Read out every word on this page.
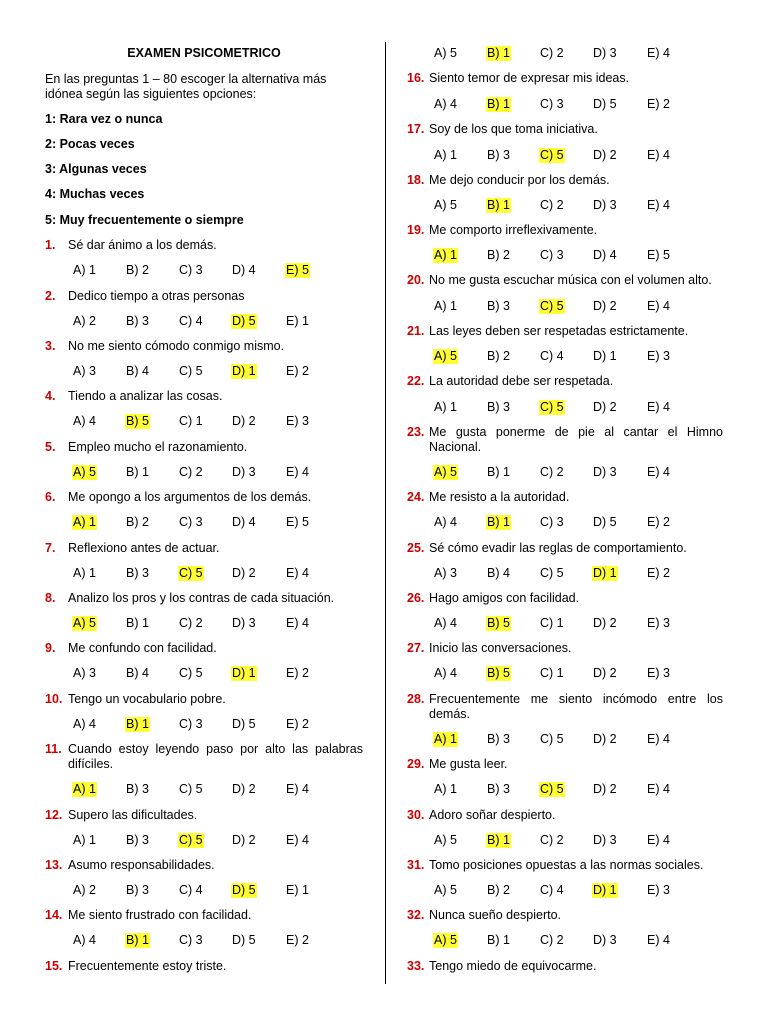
EXAMEN PSICOMETRICO
En las preguntas 1 – 80 escoger la alternativa más idónea según las siguientes opciones:
1: Rara vez o nunca
2: Pocas veces
3: Algunas veces
4: Muchas veces
5: Muy frecuentemente o siempre
1. Sé dar ánimo a los demás.
A) 1 B) 2 C) 3 D) 4 E) 5
2. Dedico tiempo a otras personas
A) 2 B) 3 C) 4 D) 5 E) 1
3. No me siento cómodo conmigo mismo.
A) 3 B) 4 C) 5 D) 1 E) 2
4. Tiendo a analizar las cosas.
A) 4 B) 5 C) 1 D) 2 E) 3
5. Empleo mucho el razonamiento.
A) 5 B) 1 C) 2 D) 3 E) 4
6. Me opongo a los argumentos de los demás.
A) 1 B) 2 C) 3 D) 4 E) 5
7. Reflexiono antes de actuar.
A) 1 B) 3 C) 5 D) 2 E) 4
8. Analizo los pros y los contras de cada situación.
A) 5 B) 1 C) 2 D) 3 E) 4
9. Me confundo con facilidad.
A) 3 B) 4 C) 5 D) 1 E) 2
10. Tengo un vocabulario pobre.
A) 4 B) 1 C) 3 D) 5 E) 2
11. Cuando estoy leyendo paso por alto las palabras difíciles.
A) 1 B) 3 C) 5 D) 2 E) 4
12. Supero las dificultades.
A) 1 B) 3 C) 5 D) 2 E) 4
13. Asumo responsabilidades.
A) 2 B) 3 C) 4 D) 5 E) 1
14. Me siento frustrado con facilidad.
A) 4 B) 1 C) 3 D) 5 E) 2
15. Frecuentemente estoy triste.
A) 5 B) 1 C) 2 D) 3 E) 4
16. Siento temor de expresar mis ideas.
A) 4 B) 1 C) 3 D) 5 E) 2
17. Soy de los que toma iniciativa.
A) 1 B) 3 C) 5 D) 2 E) 4
18. Me dejo conducir por los demás.
A) 5 B) 1 C) 2 D) 3 E) 4
19. Me comporto irreflexivamente.
A) 1 B) 2 C) 3 D) 4 E) 5
20. No me gusta escuchar música con el volumen alto.
A) 1 B) 3 C) 5 D) 2 E) 4
21. Las leyes deben ser respetadas estrictamente.
A) 5 B) 2 C) 4 D) 1 E) 3
22. La autoridad debe ser respetada.
A) 1 B) 3 C) 5 D) 2 E) 4
23. Me gusta ponerme de pie al cantar el Himno Nacional.
A) 5 B) 1 C) 2 D) 3 E) 4
24. Me resisto a la autoridad.
A) 4 B) 1 C) 3 D) 5 E) 2
25. Sé cómo evadir las reglas de comportamiento.
A) 3 B) 4 C) 5 D) 1 E) 2
26. Hago amigos con facilidad.
A) 4 B) 5 C) 1 D) 2 E) 3
27. Inicio las conversaciones.
A) 4 B) 5 C) 1 D) 2 E) 3
28. Frecuentemente me siento incómodo entre los demás.
A) 1 B) 3 C) 5 D) 2 E) 4
29. Me gusta leer.
A) 1 B) 3 C) 5 D) 2 E) 4
30. Adoro soñar despierto.
A) 5 B) 1 C) 2 D) 3 E) 4
31. Tomo posiciones opuestas a las normas sociales.
A) 5 B) 2 C) 4 D) 1 E) 3
32. Nunca sueño despierto.
A) 5 B) 1 C) 2 D) 3 E) 4
33. Tengo miedo de equivocarme.
